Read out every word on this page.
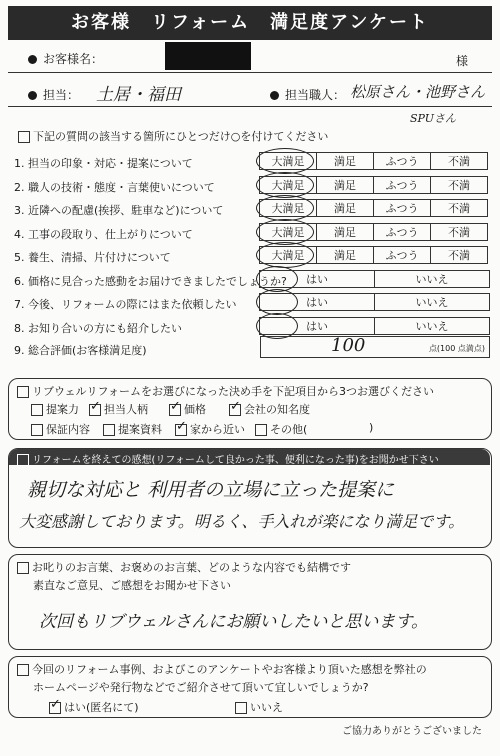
お客様　リフォーム　満足度アンケート
お客様名：	様
担当： 土居・福田	担当職人： 松原さん・池野さん
SPUさん
下記の質問の該当する箇所にひとつだけ○を付けてください
1. 担当の印象・対応・提案について	大満足	満足	ふつう	不満
2. 職人の技術・態度・言葉使いについて	大満足	満足	ふつう	不満
3. 近隣への配慮(挨拶、駐車など)について	大満足	満足	ふつう	不満
4. 工事の段取り、仕上がりについて	大満足	満足	ふつう	不満
5. 養生、清掃、片付けについて	大満足	満足	ふつう	不満
6. 価格に見合った感動をお届けできましたでしょうか?	はい	いいえ
7. 今後、リフォームの際にはまた依頼したい	はい	いいえ
8. お知り合いの方にも紹介したい	はい	いいえ
9. 総合評価(お客様満足度)	100	点(100 点満点)
リブウェルリフォームをお選びになった決め手を下記項目から3つお選びください
提案力 ✓	担当人柄 ✓	価格 ✓	会社の知名度
保証内容	提案資料 ✓	家から近い	その他(	)
リフォームを終えての感想(リフォームして良かった事、便利になった事)をお聞かせ下さい
親切な対応と 利用者の立場に立った提案に
大変感謝しております。明るく、手入れが楽になり満足です。
お叱りのお言葉、お褒めのお言葉、どのような内容でも結構です
素直なご意見、ご感想をお聞かせ下さい
次回もリブウェルさんにお願いしたいと思います。
今回のリフォーム事例、およびこのアンケートやお客様より頂いた感想を弊社の
ホームページや発行物などでご紹介させて頂いて宜しいでしょうか?
✓はい(匿名にて)	いいえ
ご協力ありがとうございました
